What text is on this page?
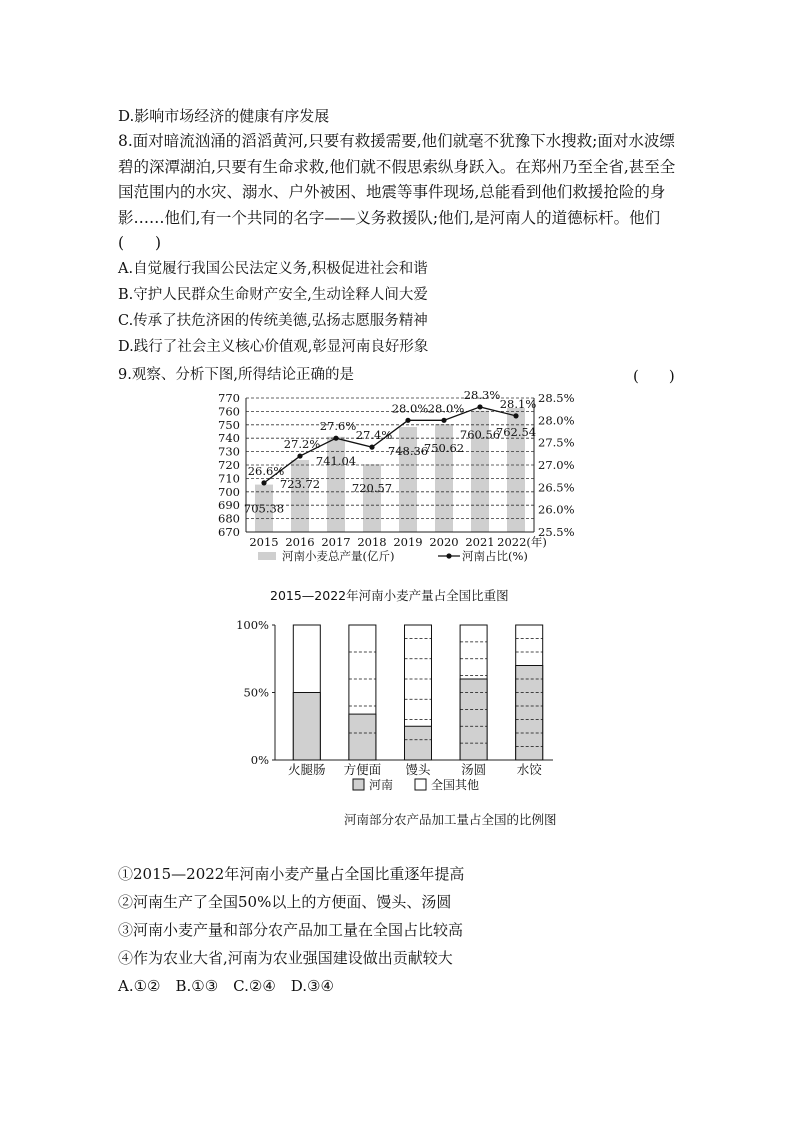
D.影响市场经济的健康有序发展
8.面对暗流汹涌的滔滔黄河,只要有救援需要,他们就毫不犹豫下水搜救;面对水波缥碧的深潭湖泊,只要有生命求救,他们就不假思索纵身跃入。在郑州乃至全省,甚至全国范围内的水灾、溺水、户外被困、地震等事件现场,总能看到他们救援抢险的身影……他们,有一个共同的名字——义务救援队;他们,是河南人的道德标杆。他们(　　)
A.自觉履行我国公民法定义务,积极促进社会和谐
B.守护人民群众生命财产安全,生动诠释人间大爱
C.传承了扶危济困的传统美德,弘扬志愿服务精神
D.践行了社会主义核心价值观,彰显河南良好形象
9.观察、分析下图,所得结论正确的是	(　　)
670
680
690
700
710
720
730
740
750
760
770
25.5%
26.0%
26.5%
27.0%
27.5%
28.0%
28.5%
705.38
723.72
741.04
720.57
748.36
750.62
760.56
762.54
26.6%
27.2%
27.6%
27.4%
28.0% 28.0%
28.3%
28.1%
2015 2016 2017 2018 2019 2020 2021 2022(年)
河南小麦总产量(亿斤)	河南占比(%)
2015—2022年河南小麦产量占全国比重图
0%
50%
100%
火腿肠 方便面 馒头 汤圆 水饺
河南	全国其他
河南部分农产品加工量占全国的比例图
①2015—2022年河南小麦产量占全国比重逐年提高
②河南生产了全国50%以上的方便面、馒头、汤圆
③河南小麦产量和部分农产品加工量在全国占比较高
④作为农业大省,河南为农业强国建设做出贡献较大
A.①②　B.①③　C.②④　D.③④
